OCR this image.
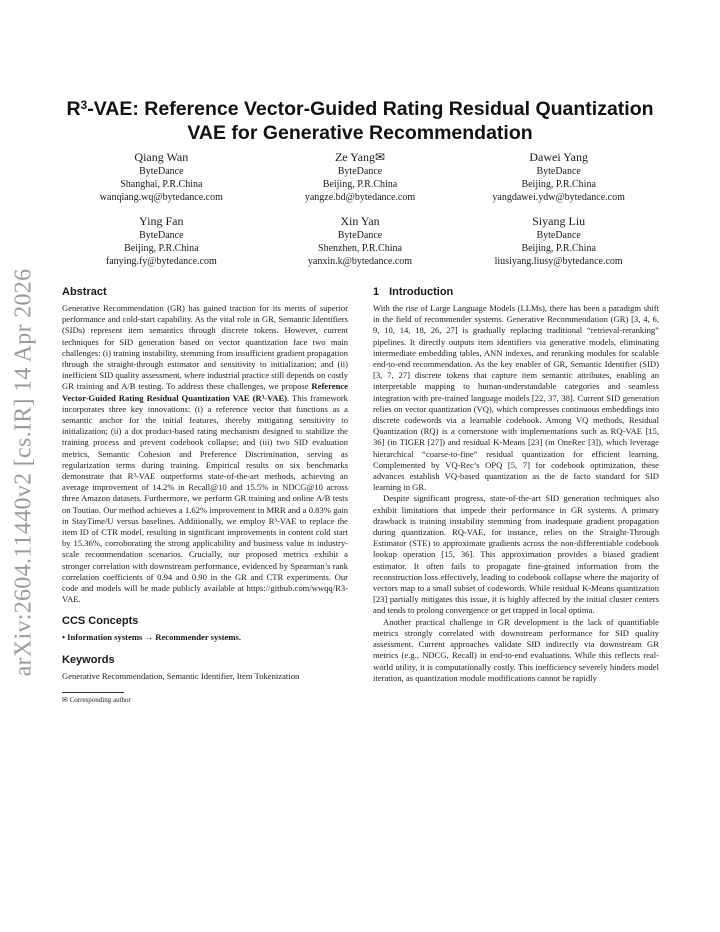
arXiv:2604.11440v2 [cs.IR] 14 Apr 2026
$R^3$-VAE: Reference Vector-Guided Rating Residual Quantization
VAE for Generative Recommendation
Qiang Wan
ByteDance
Shanghai, P.R.China
wanqiang.wq@bytedance.com
Ze Yang✉
ByteDance
Beijing, P.R.China
yangze.bd@bytedance.com
Dawei Yang
ByteDance
Beijing, P.R.China
yangdawei.ydw@bytedance.com
Ying Fan
ByteDance
Beijing, P.R.China
fanying.fy@bytedance.com
Xin Yan
ByteDance
Shenzhen, P.R.China
yanxin.k@bytedance.com
Siyang Liu
ByteDance
Beijing, P.R.China
liusiyang.liusy@bytedance.com
Abstract

Generative Recommendation (GR) has gained traction for its merits of superior performance and cold-start capability. As the vital role in GR, Semantic Identifiers (SIDs) represent item semantics through discrete tokens. However, current techniques for SID generation based on vector quantization face two main challenges: (i) training instability, stemming from insufficient gradient propagation through the straight-through estimator and sensitivity to initialization; and (ii) inefficient SID quality assessment, where industrial practice still depends on costly GR training and A/B testing. To address these challenges, we propose Reference Vector-Guided Rating Residual Quantization VAE (R³-VAE). This framework incorporates three key innovations: (i) a reference vector that functions as a semantic anchor for the initial features, thereby mitigating sensitivity to initialization; (ii) a dot product-based rating mechanism designed to stabilize the training process and prevent codebook collapse; and (iii) two SID evaluation metrics, Semantic Cohesion and Preference Discrimination, serving as regularization terms during training. Empirical results on six benchmarks demonstrate that R³-VAE outperforms state-of-the-art methods, achieving an average improvement of 14.2% in Recall@10 and 15.5% in NDCG@10 across three Amazon datasets. Furthermore, we perform GR training and online A/B tests on Toutiao. Our method achieves a 1.62% improvement in MRR and a 0.83% gain in StayTime/U versus baselines. Additionally, we employ R³-VAE to replace the item ID of CTR model, resulting in significant improvements in content cold start by 15.36%, corroborating the strong applicability and business value in industry-scale recommendation scenarios. Crucially, our proposed metrics exhibit a stronger correlation with downstream performance, evidenced by Spearman’s rank correlation coefficients of 0.94 and 0.90 in the GR and CTR experiments. Our code and models will be made publicly available at https://github.com/wwqq/R3-VAE.

CCS Concepts
• Information systems → Recommender systems.
Keywords

Generative Recommendation, Semantic Identifier, Item Tokenization

✉ Corresponding author
1 Introduction

With the rise of Large Language Models (LLMs), there has been a paradigm shift in the field of recommender systems. Generative Recommendation (GR) [3, 4, 6, 9, 10, 14, 18, 26, 27] is gradually replacing traditional “retrieval-reranking” pipelines. It directly outputs item identifiers via generative models, eliminating intermediate embedding tables, ANN indexes, and reranking modules for scalable end-to-end recommendation. As the key enabler of GR, Semantic Identifier (SID) [3, 7, 27] discrete tokens that capture item semantic attributes, enabling an interpretable mapping to human-understandable categories and seamless integration with pre-trained language models [22, 37, 38]. Current SID generation relies on vector quantization (VQ), which compresses continuous embeddings into discrete codewords via a learnable codebook. Among VQ methods, Residual Quantization (RQ) is a cornerstone with implementations such as RQ-VAE [15, 36] (in TIGER [27]) and residual K-Means [23] (in OneRec [3]), which leverage hierarchical “coarse-to-fine” residual quantization for efficient learning. Complemented by VQ-Rec’s OPQ [5, 7] for codebook optimization, these advances establish VQ-based quantization as the de facto standard for SID learning in GR.

Despite significant progress, state-of-the-art SID generation techniques also exhibit limitations that impede their performance in GR systems. A primary drawback is training instability stemming from inadequate gradient propagation during quantization. RQ-VAE, for instance, relies on the Straight-Through Estimator (STE) to approximate gradients across the non-differentiable codebook lookup operation [15, 36]. This approximation provides a biased gradient estimator. It often fails to propagate fine-grained information from the reconstruction loss effectively, leading to codebook collapse where the majority of vectors map to a small subset of codewords. While residual K-Means quantization [23] partially mitigates this issue, it is highly affected by the initial cluster centers and tends to prolong convergence or get trapped in local optima.

Another practical challenge in GR development is the lack of quantifiable metrics strongly correlated with downstream performance for SID quality assessment. Current approaches validate SID indirectly via downstream GR metrics (e.g., NDCG, Recall) in end-to-end evaluations. While this reflects real-world utility, it is computationally costly. This inefficiency severely hinders model iteration, as quantization module modifications cannot be rapidly
